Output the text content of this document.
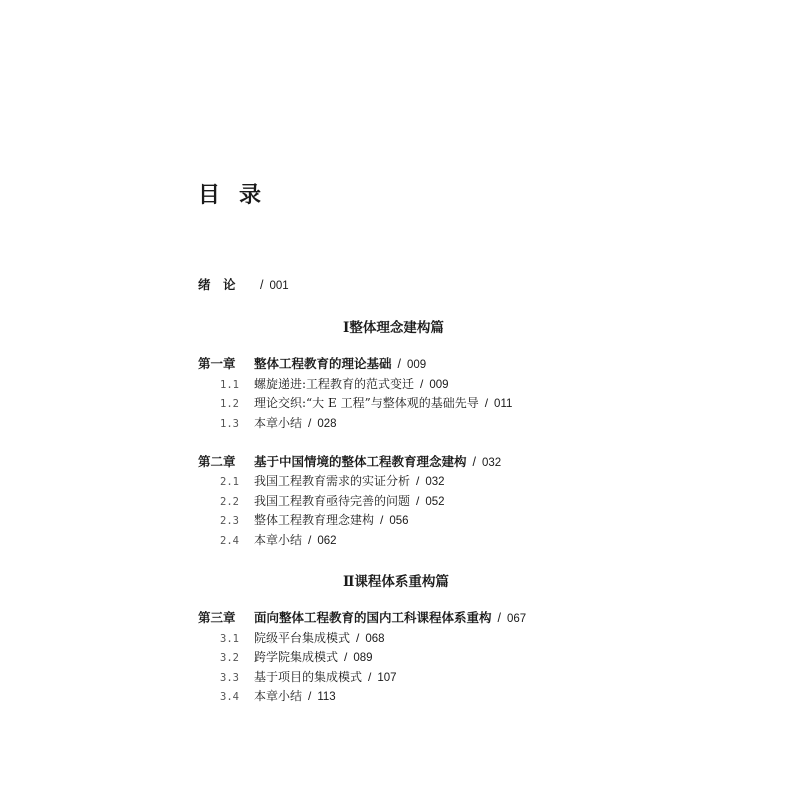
目 录
绪　论 / 001
Ⅰ整体理念建构篇
第一章 整体工程教育的理论基础 / 009
1.1 螺旋递进:工程教育的范式变迁 / 009
1.2 理论交织:“大 E 工程”与整体观的基础先导 / 011
1.3 本章小结 / 028
第二章 基于中国情境的整体工程教育理念建构 / 032
2.1 我国工程教育需求的实证分析 / 032
2.2 我国工程教育亟待完善的问题 / 052
2.3 整体工程教育理念建构 / 056
2.4 本章小结 / 062
Ⅱ课程体系重构篇
第三章 面向整体工程教育的国内工科课程体系重构 / 067
3.1 院级平台集成模式 / 068
3.2 跨学院集成模式 / 089
3.3 基于项目的集成模式 / 107
3.4 本章小结 / 113
